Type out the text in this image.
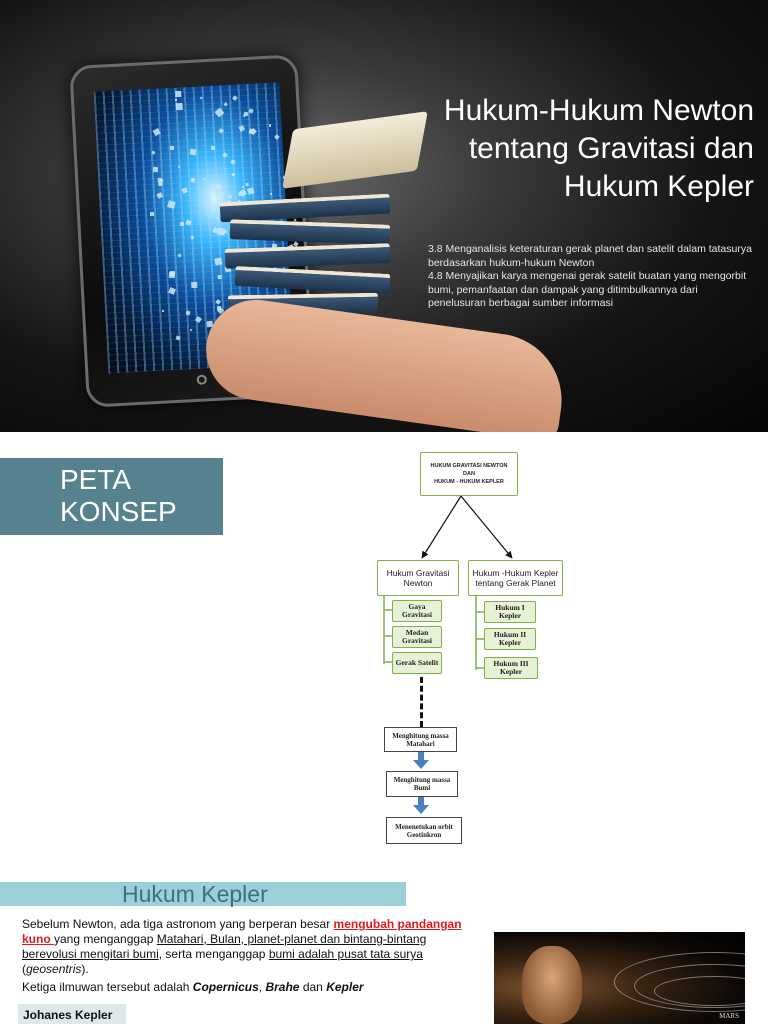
Hukum-Hukum Newton
tentang Gravitasi dan
Hukum Kepler
3.8 Menganalisis keteraturan gerak planet dan satelit dalam tatasurya berdasarkan hukum-hukum Newton
4.8 Menyajikan karya mengenai gerak satelit buatan yang mengorbit bumi, pemanfaatan dan dampak yang ditimbulkannya dari penelusuran berbagai sumber informasi
PETA
KONSEP
HUKUM GRAVITASI NEWTON
DAN
HUKUM - HUKUM KEPLER
Hukum Gravitasi Newton
Hukum -Hukum Kepler tentang Gerak Planet
Gaya Gravitasi
Medan Gravitasi
Gerak Satelit
Hukum I Kepler
Hukum II Kepler
Hukum III Kepler
Menghitung massa Matahari
Menghitung massa Bumi
Menenetukan orbit Geotinkron
Hukum Kepler
Sebelum Newton, ada tiga astronom yang berperan besar mengubah pandangan kuno yang menganggap Matahari, Bulan, planet-planet dan bintang-bintang berevolusi mengitari bumi, serta menganggap bumi adalah pusat tata surya (geosentris).
Ketiga ilmuwan tersebut adalah Copernicus, Brahe dan Kepler
Johanes Kepler	MARS
